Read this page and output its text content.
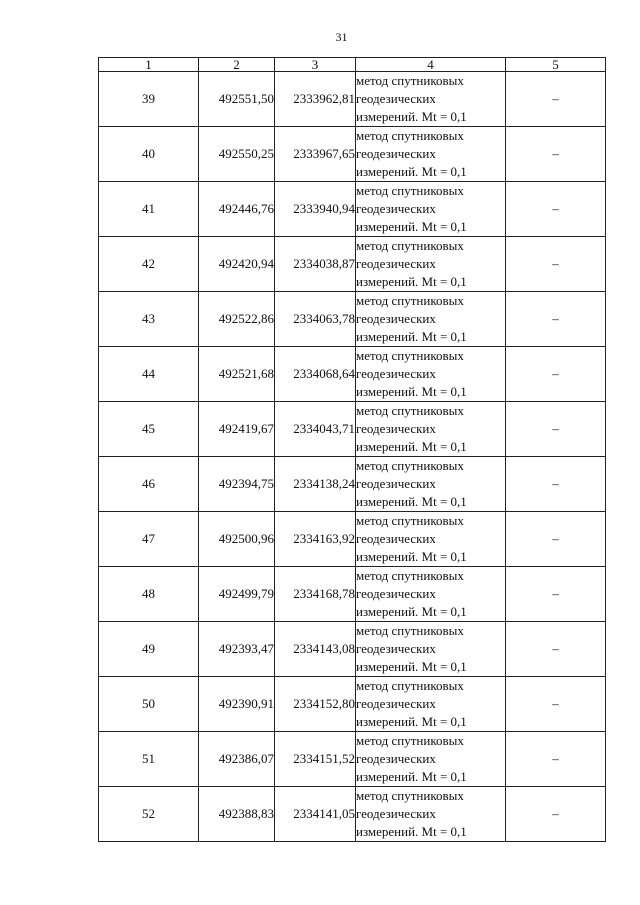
31
1	2	3	4	5
39	492551,50	2333962,81	метод спутниковых
геодезических
измерений. Mt = 0,1	–
40	492550,25	2333967,65	метод спутниковых
геодезических
измерений. Mt = 0,1	–
41	492446,76	2333940,94	метод спутниковых
геодезических
измерений. Mt = 0,1	–
42	492420,94	2334038,87	метод спутниковых
геодезических
измерений. Mt = 0,1	–
43	492522,86	2334063,78	метод спутниковых
геодезических
измерений. Mt = 0,1	–
44	492521,68	2334068,64	метод спутниковых
геодезических
измерений. Mt = 0,1	–
45	492419,67	2334043,71	метод спутниковых
геодезических
измерений. Mt = 0,1	–
46	492394,75	2334138,24	метод спутниковых
геодезических
измерений. Mt = 0,1	–
47	492500,96	2334163,92	метод спутниковых
геодезических
измерений. Mt = 0,1	–
48	492499,79	2334168,78	метод спутниковых
геодезических
измерений. Mt = 0,1	–
49	492393,47	2334143,08	метод спутниковых
геодезических
измерений. Mt = 0,1	–
50	492390,91	2334152,80	метод спутниковых
геодезических
измерений. Mt = 0,1	–
51	492386,07	2334151,52	метод спутниковых
геодезических
измерений. Mt = 0,1	–
52	492388,83	2334141,05	метод спутниковых
геодезических
измерений. Mt = 0,1	–
